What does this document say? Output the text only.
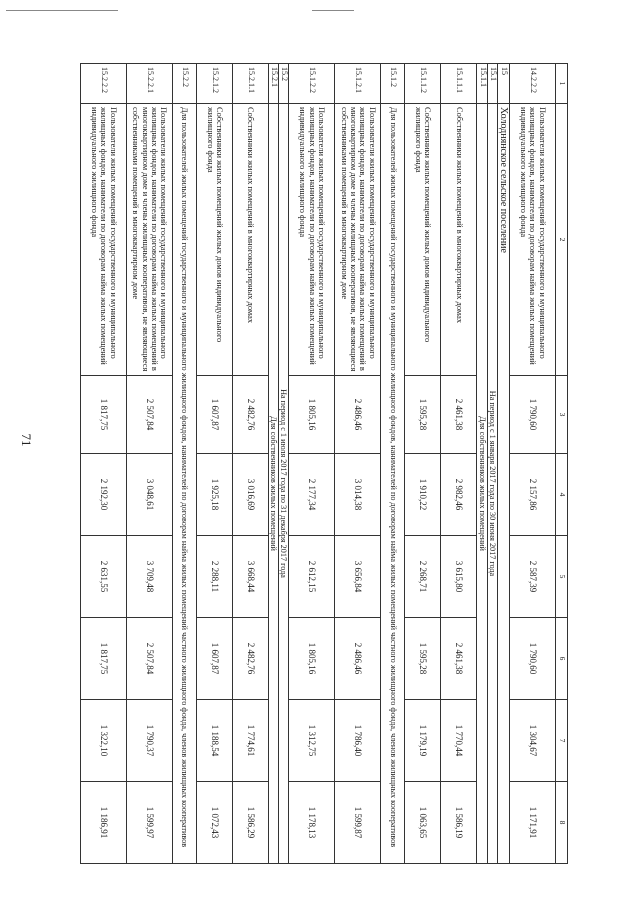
71
1	2	3	4	5	6	7	8
14.2.2.2	Пользователи жилых помещений государственного и муниципального жилищных фондов, наниматели по договорам найма жилых помещений индивидуального жилищного фонда	1 790,60	2 157,86	2 587,39	1 790,60	1 304,67	1 171,91
15	Холоднянское сельское поселение						
15.1	На период с 1 января 2017 года по 30 июня 2017 года						
15.1.1	Для собственников жилых помещений						
15.1.1.1	Собственники жилых помещений в многоквартирных домах	2 461,38	2 982,46	3 615,80	2 461,38	1 770,44	1 586,19
15.1.1.2	Собственники жилых помещений жилых домов индивидуального жилищного фонда	1 595,28	1 910,22	2 268,71	1 595,28	1 179,19	1 063,65
15.1.2	Для пользователей жилых помещений государственного и муниципального жилищного фондов, нанимателей по договорам найма жилых помещений частного жилищного фонда, членов жилищных кооперативов						
15.1.2.1	Пользователи жилых помещений государственного и муниципального жилищных фондов, наниматели по договорам найма жилых помещений в многоквартирном доме и члены жилищных кооперативов, не являющиеся собственниками помещений в многоквартирном доме	2 486,46	3 014,38	3 656,84	2 486,46	1 786,40	1 599,87
15.1.2.2	Пользователи жилых помещений государственного и муниципального жилищных фондов, наниматели по договорам найма жилых помещений индивидуального жилищного фонда	1 805,16	2 177,34	2 612,15	1 805,16	1 312,75	1 178,13
15.2	На период с 1 июля 2017 года по 31 декабря 2017 года						
15.2.1	Для собственников жилых помещений						
15.2.1.1	Собственники жилых помещений в многоквартирных домах	2 482,76	3 016,69	3 668,44	2 482,76	1 774,61	1 586,29
15.2.1.2	Собственники жилых помещений жилых домов индивидуального жилищного фонда	1 607,87	1 925,18	2 288,11	1 607,87	1 188,54	1 072,43
15.2.2	Для пользователей жилых помещений государственного и муниципального жилищного фондов, нанимателей по договорам найма жилых помещений частного жилищного фонда, членов жилищных кооперативов						
15.2.2.1	Пользователи жилых помещений государственного и муниципального жилищных фондов, наниматели по договорам найма жилых помещений в многоквартирном доме и члены жилищных кооперативов, не являющиеся собственниками помещений в многоквартирном доме	2 507,84	3 048,61	3 709,48	2 507,84	1 790,37	1 599,97
15.2.2.2	Пользователи жилых помещений государственного и муниципального жилищных фондов, наниматели по договорам найма жилых помещений индивидуального жилищного фонда	1 817,75	2 192,30	2 631,55	1 817,75	1 322,10	1 186,91
